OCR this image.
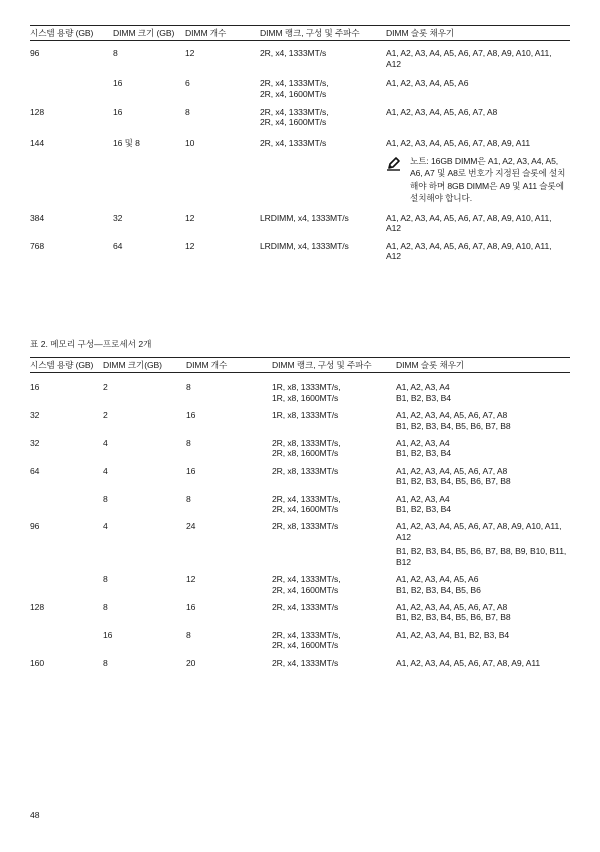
시스템 용량 (GB)	DIMM 크기 (GB)	DIMM 개수	DIMM 랭크, 구성 및 주파수	DIMM 슬롯 채우기
96	8	12	2R, x4, 1333MT/s	A1, A2, A3, A4, A5, A6, A7, A8, A9, A10, A11, A12

	16	6	2R, x4, 1333MT/s,
2R, x4, 1600MT/s	A1, A2, A3, A4, A5, A6

128	16	8	2R, x4, 1333MT/s,
2R, x4, 1600MT/s	A1, A2, A3, A4, A5, A6, A7, A8

144	16 및 8	10	2R, x4, 1333MT/s	A1, A2, A3, A4, A5, A6, A7, A8, A9, A11
노트: 16GB DIMM은 A1, A2, A3, A4, A5, A6, A7 및 A8로 번호가 지정된 슬롯에 설치해야 하며 8GB DIMM은 A9 및 A11 슬롯에 설치해야 합니다.

384	32	12	LRDIMM, x4, 1333MT/s	A1, A2, A3, A4, A5, A6, A7, A8, A9, A10, A11, A12

768	64	12	LRDIMM, x4, 1333MT/s	A1, A2, A3, A4, A5, A6, A7, A8, A9, A10, A11, A12
표 2. 메모리 구성—프로세서 2개
시스템 용량 (GB)	DIMM 크기(GB)	DIMM 개수	DIMM 랭크, 구성 및 주파수	DIMM 슬롯 채우기
16	2	8	1R, x8, 1333MT/s,
1R, x8, 1600MT/s	A1, A2, A3, A4
B1, B2, B3, B4

32	2	16	1R, x8, 1333MT/s	A1, A2, A3, A4, A5, A6, A7, A8
B1, B2, B3, B4, B5, B6, B7, B8

32	4	8	2R, x8, 1333MT/s,
2R, x8, 1600MT/s	A1, A2, A3, A4
B1, B2, B3, B4

64	4	16	2R, x8, 1333MT/s	A1, A2, A3, A4, A5, A6, A7, A8
B1, B2, B3, B4, B5, B6, B7, B8

	8	8	2R, x4, 1333MT/s,
2R, x4, 1600MT/s	A1, A2, A3, A4
B1, B2, B3, B4

96	4	24	2R, x8, 1333MT/s	A1, A2, A3, A4, A5, A6, A7, A8, A9, A10, A11, A12
B1, B2, B3, B4, B5, B6, B7, B8, B9, B10, B11, B12

	8	12	2R, x4, 1333MT/s,
2R, x4, 1600MT/s	A1, A2, A3, A4, A5, A6
B1, B2, B3, B4, B5, B6

128	8	16	2R, x4, 1333MT/s	A1, A2, A3, A4, A5, A6, A7, A8
B1, B2, B3, B4, B5, B6, B7, B8

	16	8	2R, x4, 1333MT/s,
2R, x4, 1600MT/s	A1, A2, A3, A4, B1, B2, B3, B4

160	8	20	2R, x4, 1333MT/s	A1, A2, A3, A4, A5, A6, A7, A8, A9, A11
48
